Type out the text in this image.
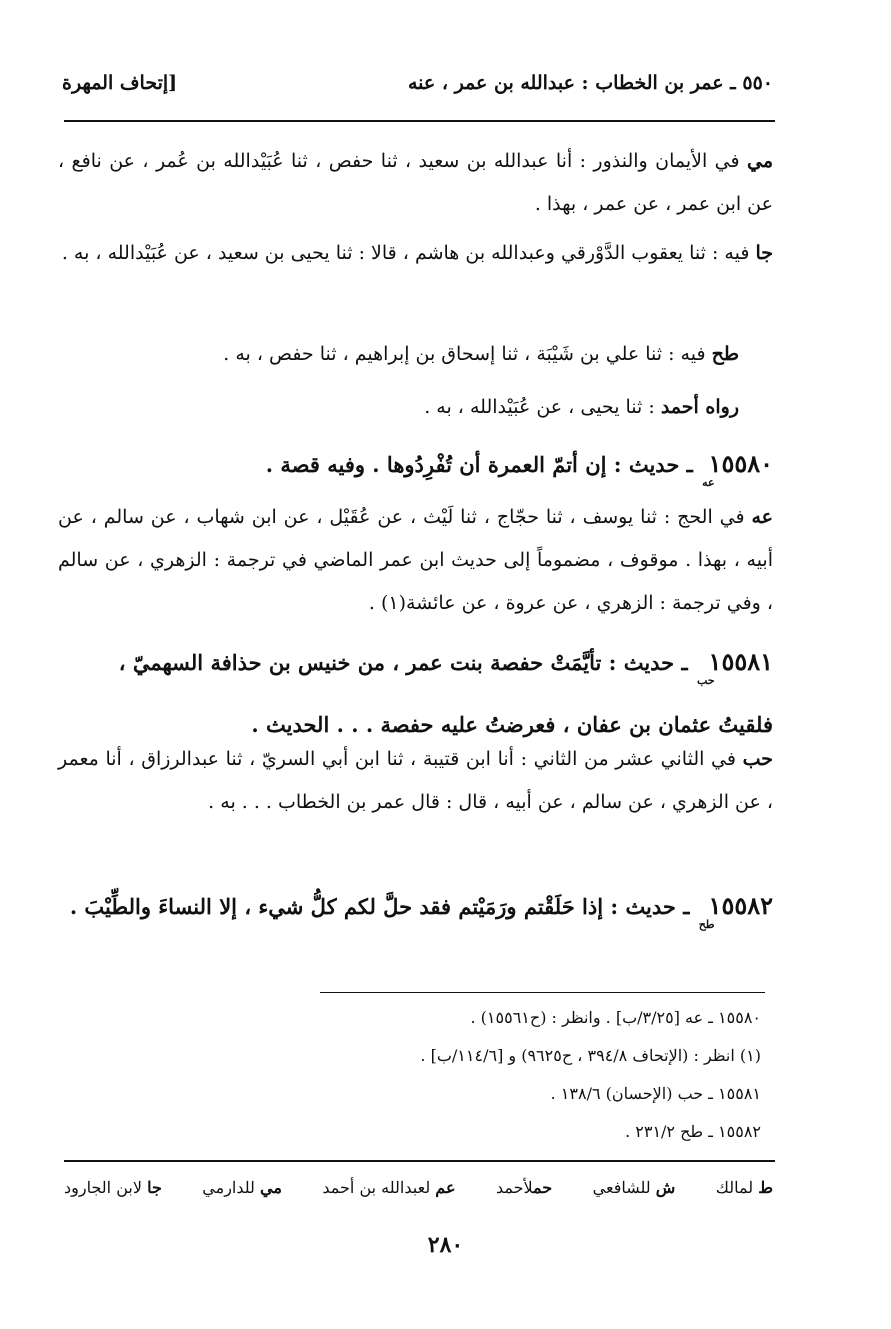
٥٥٠ ـ عمر بن الخطاب : عبدالله بن عمر ، عنه
[إتحاف المهرة
مي في الأيمان والنذور : أنا عبدالله بن سعيد ، ثنا حفص ، ثنا عُبَيْدالله بن عُمر ، عن نافع ، عن ابن عمر ، عن عمر ، بهذا .
جا فيه : ثنا يعقوب الدَّوْرقي وعبدالله بن هاشم ، قالا : ثنا يحيى بن سعيد ، عن عُبَيْدالله ، به .
طح فيه : ثنا علي بن شَيْبَة ، ثنا إسحاق بن إبراهيم ، ثنا حفص ، به .
رواه أحمد : ثنا يحيى ، عن عُبَيْدالله ، به .
١٥٥٨٠عه ـ حديث : إن أتمّ العمرة أن تُفْرِدُوها . وفيه قصة .
عه في الحج : ثنا يوسف ، ثنا حجّاج ، ثنا لَيْث ، عن عُقَيْل ، عن ابن شهاب ، عن سالم ، عن أبيه ، بهذا . موقوف ، مضموماً إلى حديث ابن عمر الماضي في ترجمة : الزهري ، عن سالم ، وفي ترجمة : الزهري ، عن عروة ، عن عائشة(١) .
١٥٥٨١حب ـ حديث : تأيَّمَتْ حفصة بنت عمر ، من خنيس بن حذافة السهميّ ، فلقيتُ عثمان بن عفان ، فعرضتُ عليه حفصة . . . الحديث .
حب في الثاني عشر من الثاني : أنا ابن قتيبة ، ثنا ابن أبي السريّ ، ثنا عبدالرزاق ، أنا معمر ، عن الزهري ، عن سالم ، عن أبيه ، قال : قال عمر بن الخطاب . . . به .
١٥٥٨٢طح ـ حديث : إذا حَلَقْتم ورَمَيْتم فقد حلَّ لكم كلُّ شيء ، إلا النساءَ والطِّيْبَ .
١٥٥٨٠ ـ عه [٣/٢٥/ب] . وانظر : (ح١٥٥٦١) .
(١) انظر : (الإتحاف ٣٩٤/٨ ، ح٩٦٢٥) و [١١٤/٦/ب] .
١٥٥٨١ ـ حب (الإحسان) ١٣٨/٦ .
١٥٥٨٢ ـ طح ٢٣١/٢ .
ط لمالك
ش للشافعي
حملأحمد
عم لعبدالله بن أحمد
مي للدارمي
جا لابن الجارود
٢٨٠
